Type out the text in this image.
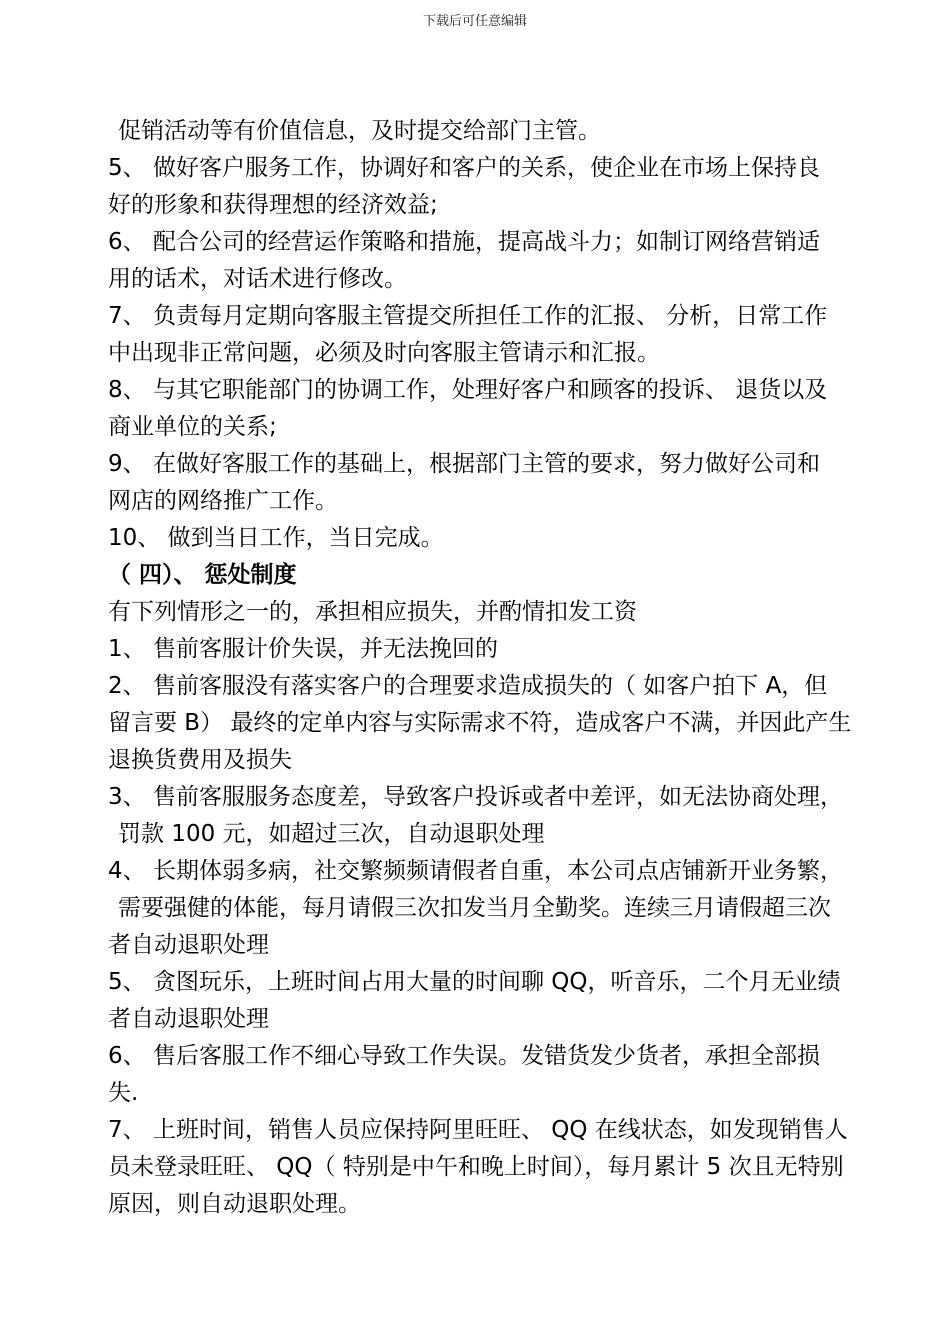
下载后可任意编辑
促销活动等有价值信息，及时提交给部门主管。
5、 做好客户服务工作，协调好和客户的关系，使企业在市场上保持良
好的形象和获得理想的经济效益;
6、 配合公司的经营运作策略和措施，提高战斗力；如制订网络营销适
用的话术，对话术进行修改。
7、 负责每月定期向客服主管提交所担任工作的汇报、 分析，日常工作
中出现非正常问题，必须及时向客服主管请示和汇报。
8、 与其它职能部门的协调工作，处理好客户和顾客的投诉、 退货以及
商业单位的关系;
9、 在做好客服工作的基础上，根据部门主管的要求，努力做好公司和
网店的网络推广工作。
10、 做到当日工作，当日完成。
（ 四）、 惩处制度
有下列情形之一的，承担相应损失，并酌情扣发工资
1、 售前客服计价失误，并无法挽回的
2、 售前客服没有落实客户的合理要求造成损失的（ 如客户拍下 A，但
留言要 B） 最终的定单内容与实际需求不符，造成客户不满，并因此产生
退换货费用及损失
3、 售前客服服务态度差，导致客户投诉或者中差评，如无法协商处理，
罚款 100 元，如超过三次，自动退职处理
4、 长期体弱多病，社交繁频频请假者自重，本公司点店铺新开业务繁，
需要强健的体能，每月请假三次扣发当月全勤奖。连续三月请假超三次
者自动退职处理
5、 贪图玩乐，上班时间占用大量的时间聊 QQ，听音乐，二个月无业绩
者自动退职处理
6、 售后客服工作不细心导致工作失误。发错货发少货者，承担全部损
失.
7、 上班时间，销售人员应保持阿里旺旺、 QQ 在线状态，如发现销售人
员未登录旺旺、 QQ（ 特别是中午和晚上时间），每月累计 5 次且无特别
原因，则自动退职处理。
